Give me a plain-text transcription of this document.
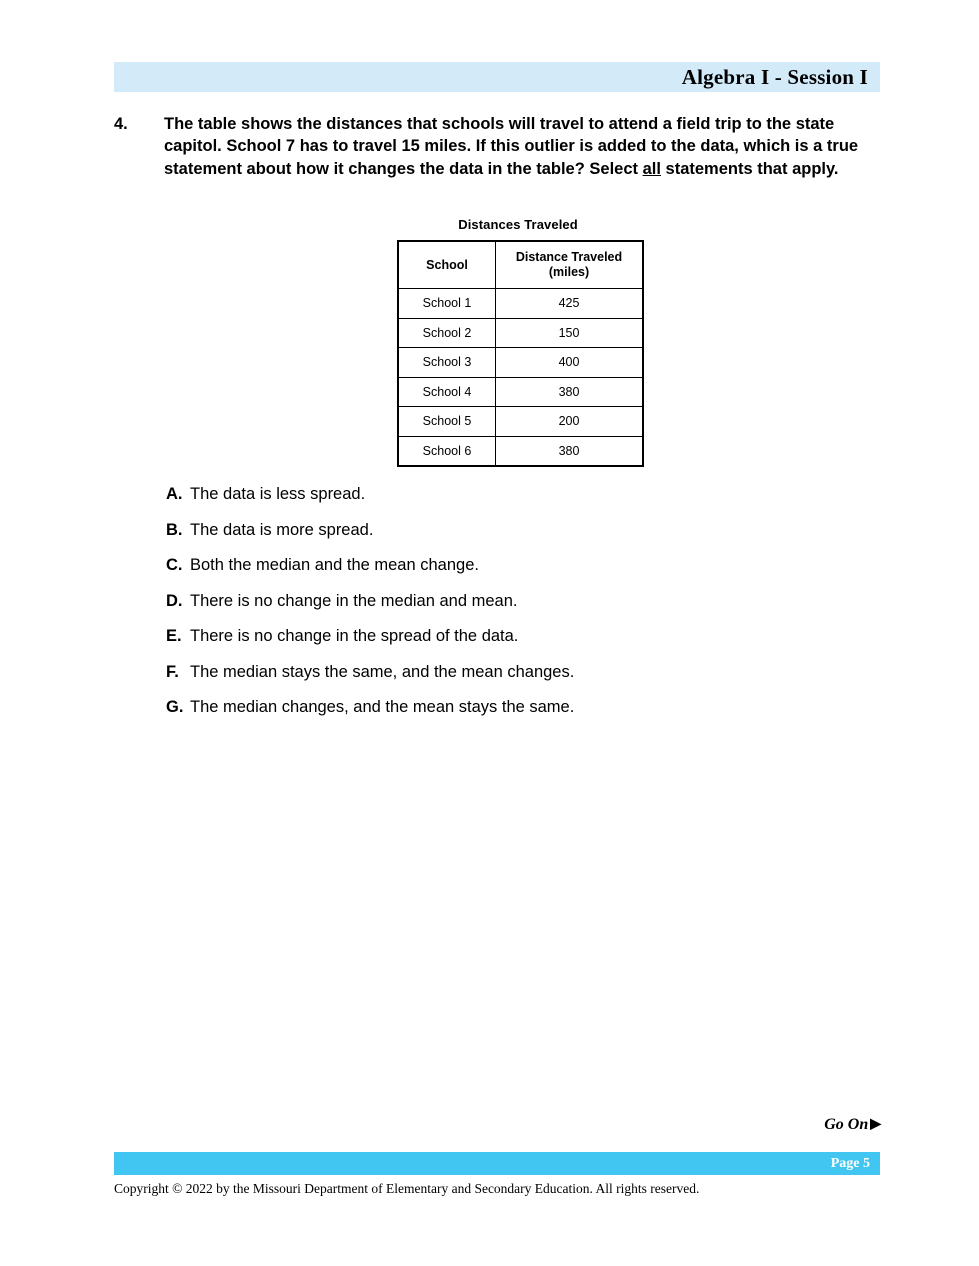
Algebra I - Session I
4.	The table shows the distances that schools will travel to attend a field trip to the state capitol. School 7 has to travel 15 miles. If this outlier is added to the data, which is a true statement about how it changes the data in the table? Select all statements that apply.
Distances Traveled
School	Distance Traveled
(miles)

School 1	425
School 2	150
School 3	400
School 4	380
School 5	200
School 6	380
A. The data is less spread.
B. The data is more spread.
C. Both the median and the mean change.
D. There is no change in the median and mean.
E. There is no change in the spread of the data.
F. The median stays the same, and the mean changes.
G. The median changes, and the mean stays the same.
Go On ▶
Page 5
Copyright © 2022 by the Missouri Department of Elementary and Secondary Education. All rights reserved.
